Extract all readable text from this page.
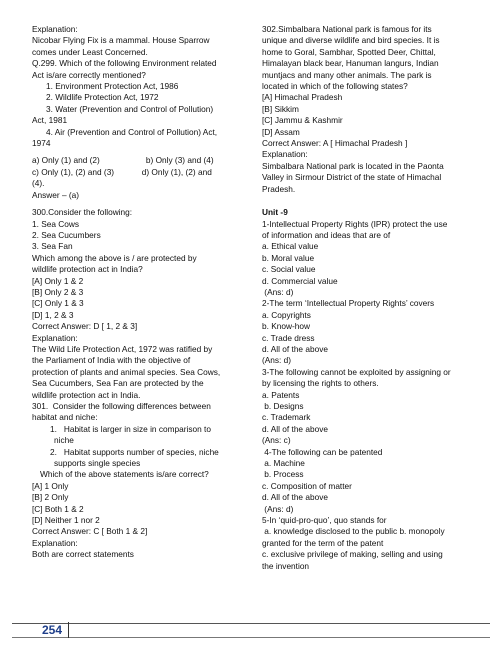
Explanation:
Nicobar Flying Fix is a mammal. House Sparrow
comes under Least Concerned.
Q.299. Which of the following Environment related
Act is/are correctly mentioned?
1. Environment Protection Act, 1986
2. Wildlife Protection Act, 1972
3. Water (Prevention and Control of Pollution)
Act, 1981
4. Air (Prevention and Control of Pollution) Act,
1974
a) Only (1) and (2)                    b) Only (3) and (4)
c) Only (1), (2) and (3)            d) Only (1), (2) and
(4).
Answer – (a)
300.Consider the following:
1. Sea Cows
2. Sea Cucumbers
3. Sea Fan
Which among the above is / are protected by
wildlife protection act in India?
[A] Only 1 & 2
[B] Only 2 & 3
[C] Only 1 & 3
[D] 1, 2 & 3
Correct Answer: D [ 1, 2 & 3]
Explanation:
The Wild Life Protection Act, 1972 was ratified by
the Parliament of India with the objective of
protection of plants and animal species. Sea Cows,
Sea Cucumbers, Sea Fan are protected by the
wildlife protection act in India.
301.  Consider the following differences between
habitat and niche:
1.   Habitat is larger in size in comparison to
niche
2.   Habitat supports number of species, niche
supports single species
Which of the above statements is/are correct?
[A] 1 Only
[B] 2 Only
[C] Both 1 & 2
[D] Neither 1 nor 2
Correct Answer: C [ Both 1 & 2]
Explanation:
Both are correct statements
302.Simbalbara National park is famous for its
unique and diverse wildlife and bird species. It is
home to Goral, Sambhar, Spotted Deer, Chittal,
Himalayan black bear, Hanuman langurs, Indian
muntjacs and many other animals. The park is
located in which of the following states?
[A] Himachal Pradesh
[B] Sikkim
[C] Jammu & Kashmir
[D] Assam
Correct Answer: A [ Himachal Pradesh ]
Explanation:
Simbalbara National park is located in the Paonta
Valley in Sirmour District of the state of Himachal
Pradesh.
Unit -9
1-Intellectual Property Rights (IPR) protect the use
of information and ideas that are of
a. Ethical value
b. Moral value
c. Social value
d. Commercial value
(Ans: d)
2-The term ‘Intellectual Property Rights’ covers
a. Copyrights
b. Know-how
c. Trade dress
d. All of the above
(Ans: d)
3-The following cannot be exploited by assigning or
by licensing the rights to others.
a. Patents
b. Designs
c. Trademark
d. All of the above
(Ans: c)
4-The following can be patented
a. Machine
b. Process
c. Composition of matter
d. All of the above
(Ans: d)
5-In ‘quid-pro-quo’, quo stands for
a. knowledge disclosed to the public b. monopoly
granted for the term of the patent
c. exclusive privilege of making, selling and using
the invention
254
